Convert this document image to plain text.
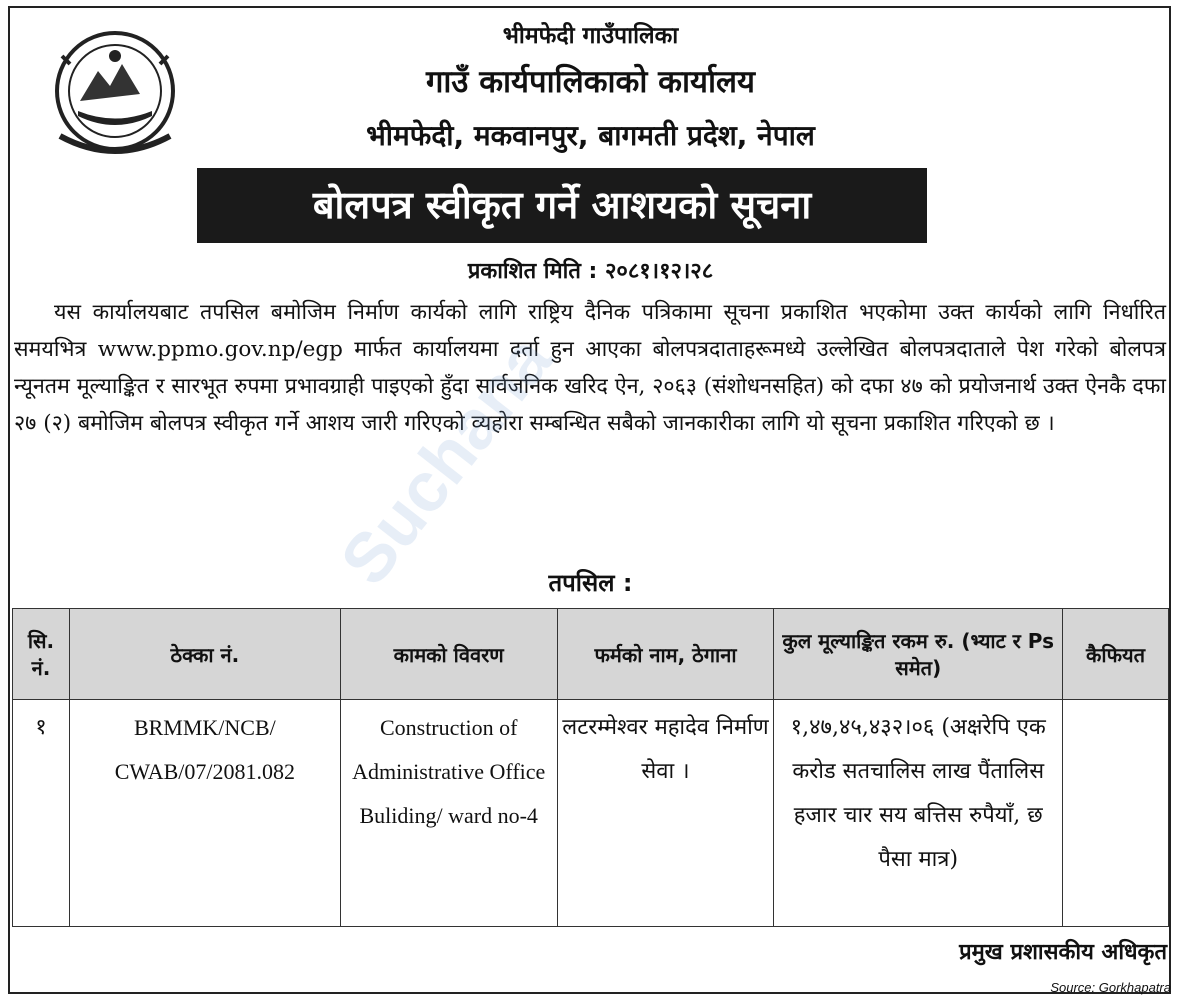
भीमफेदी गाउँपालिका
गाउँ कार्यपालिकाको कार्यालय
भीमफेदी, मकवानपुर, बागमती प्रदेश, नेपाल
बोलपत्र स्वीकृत गर्ने आशयको सूचना
प्रकाशित मिति : २०८१।१२।२८

यस कार्यालयबाट तपसिल बमोजिम निर्माण कार्यको लागि राष्ट्रिय दैनिक पत्रिकामा सूचना प्रकाशित भएकोमा उक्त कार्यको लागि निर्धारित समयभित्र www.ppmo.gov.np/egp मार्फत कार्यालयमा दर्ता हुन आएका बोलपत्रदाताहरूमध्ये उल्लेखित बोलपत्रदाताले पेश गरेको बोलपत्र न्यूनतम मूल्याङ्कित र सारभूत रुपमा प्रभावग्राही पाइएको हुँदा सार्वजनिक खरिद ऐन, २०६३ (संशोधनसहित) को दफा ४७ को प्रयोजनार्थ उक्त ऐनकै दफा २७ (२) बमोजिम बोलपत्र स्वीकृत गर्ने आशय जारी गरिएको व्यहोरा सम्बन्धित सबैको जानकारीका लागि यो सूचना प्रकाशित गरिएको छ ।

Suchana
तपसिल :
सि. नं.	ठेक्का नं.	कामको विवरण	फर्मको नाम, ठेगाना	कुल मूल्याङ्कित रकम रु. (भ्याट र Ps समेत)	कैफियत
१	BRMMK/NCB/ CWAB/07/2081.082	Construction of Administrative Office Buliding/ ward no-4	लटरम्मेश्वर महादेव निर्माण सेवा ।	१,४७,४५,४३२।०६ (अक्षरेपि एक करोड सतचालिस लाख पैंतालिस हजार चार सय बत्तिस रुपैयाँ, छ पैसा मात्र)	
प्रमुख प्रशासकीय अधिकृत
Source: Gorkhapatra
